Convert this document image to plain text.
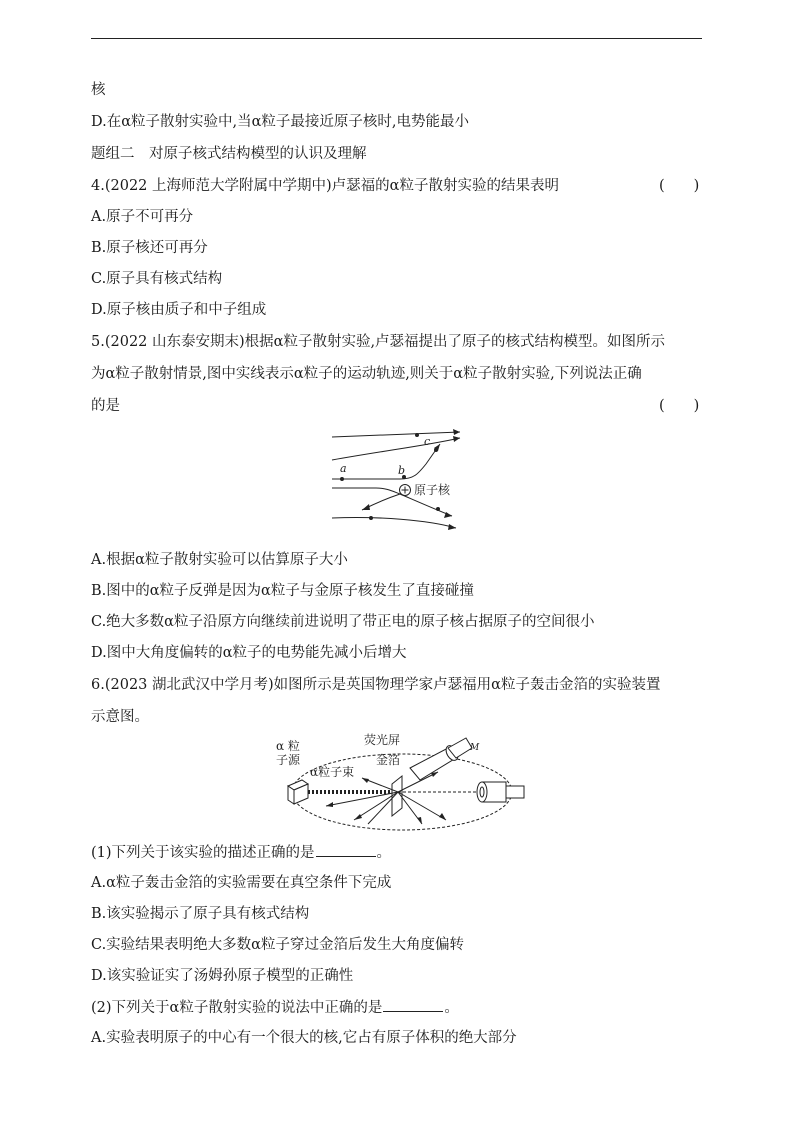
核
D.在α粒子散射实验中,当α粒子最接近原子核时,电势能最小
题组二　对原子核式结构模型的认识及理解
4.(2022 上海师范大学附属中学期中)卢瑟福的α粒子散射实验的结果表明	(　　)
A.原子不可再分
B.原子核还可再分
C.原子具有核式结构
D.原子核由质子和中子组成
5.(2022 山东泰安期末)根据α粒子散射实验,卢瑟福提出了原子的核式结构模型。如图所示
为α粒子散射情景,图中实线表示α粒子的运动轨迹,则关于α粒子散射实验,下列说法正确
的是	(　　)
c
a	b
原子核
A.根据α粒子散射实验可以估算原子大小
B.图中的α粒子反弹是因为α粒子与金原子核发生了直接碰撞
C.绝大多数α粒子沿原方向继续前进说明了带正电的原子核占据原子的空间很小
D.图中大角度偏转的α粒子的电势能先减小后增大
6.(2023 湖北武汉中学月考)如图所示是英国物理学家卢瑟福用α粒子轰击金箔的实验装置
示意图。
α 粒
子源
α粒子束
金箔
荧光屏
M
(1)下列关于该实验的描述正确的是	。
A.α粒子轰击金箔的实验需要在真空条件下完成
B.该实验揭示了原子具有核式结构
C.实验结果表明绝大多数α粒子穿过金箔后发生大角度偏转
D.该实验证实了汤姆孙原子模型的正确性
(2)下列关于α粒子散射实验的说法中正确的是	。
A.实验表明原子的中心有一个很大的核,它占有原子体积的绝大部分
